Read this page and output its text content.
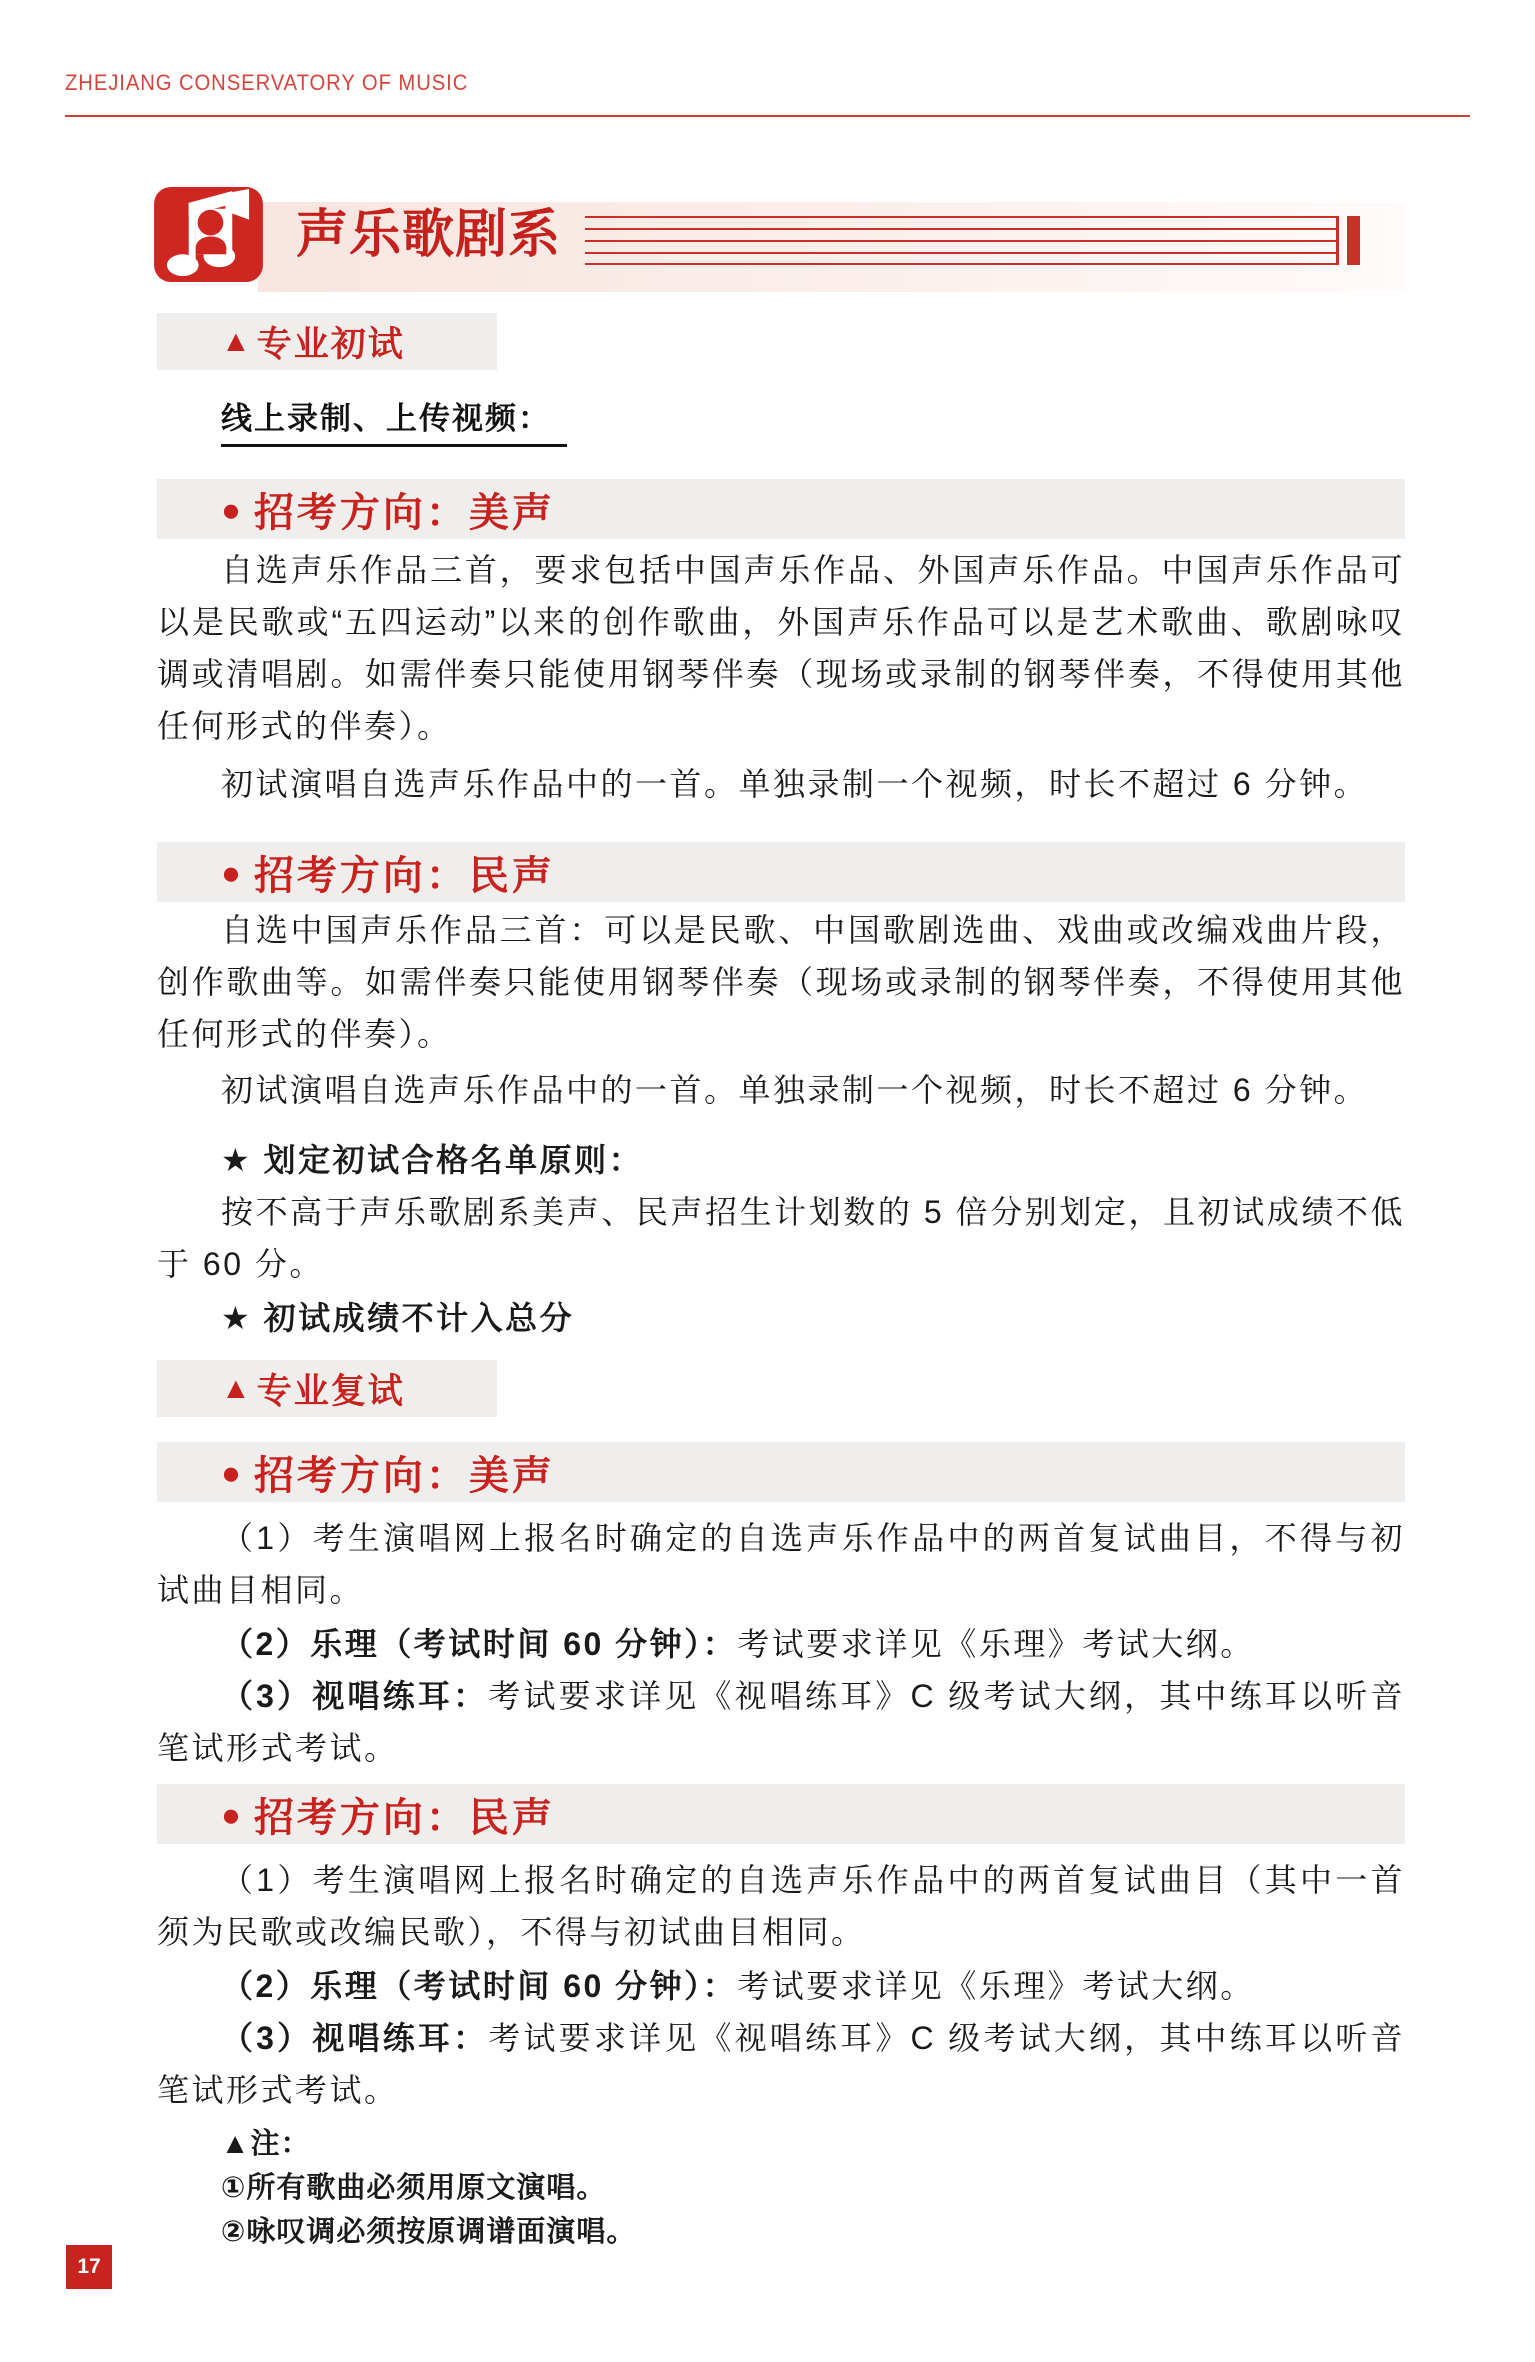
ZHEJIANG CONSERVATORY OF MUSIC
声乐歌剧系
▲ 专业初试
线上录制、上传视频：
● 招考方向：美声

自选声乐作品三首，要求包括中国声乐作品、外国声乐作品。中国声乐作品可以是民歌或“五四运动”以来的创作歌曲，外国声乐作品可以是艺术歌曲、歌剧咏叹调或清唱剧。如需伴奏只能使用钢琴伴奏（现场或录制的钢琴伴奏，不得使用其他任何形式的伴奏）。

初试演唱自选声乐作品中的一首。单独录制一个视频，时长不超过 6 分钟。

● 招考方向：民声

自选中国声乐作品三首：可以是民歌、中国歌剧选曲、戏曲或改编戏曲片段，创作歌曲等。如需伴奏只能使用钢琴伴奏（现场或录制的钢琴伴奏，不得使用其他任何形式的伴奏）。

初试演唱自选声乐作品中的一首。单独录制一个视频，时长不超过 6 分钟。

★ 划定初试合格名单原则：

按不高于声乐歌剧系美声、民声招生计划数的 5 倍分别划定，且初试成绩不低于 60 分。

★ 初试成绩不计入总分

▲ 专业复试
● 招考方向：美声

（1）考生演唱网上报名时确定的自选声乐作品中的两首复试曲目，不得与初试曲目相同。

（2）乐理（考试时间 60 分钟）：考试要求详见《乐理》考试大纲。

（3）视唱练耳：考试要求详见《视唱练耳》C 级考试大纲，其中练耳以听音笔试形式考试。

● 招考方向：民声

（1）考生演唱网上报名时确定的自选声乐作品中的两首复试曲目（其中一首须为民歌或改编民歌），不得与初试曲目相同。

（2）乐理（考试时间 60 分钟）：考试要求详见《乐理》考试大纲。

（3）视唱练耳：考试要求详见《视唱练耳》C 级考试大纲，其中练耳以听音笔试形式考试。

▲注：
①所有歌曲必须用原文演唱。
②咏叹调必须按原调谱面演唱。
17
